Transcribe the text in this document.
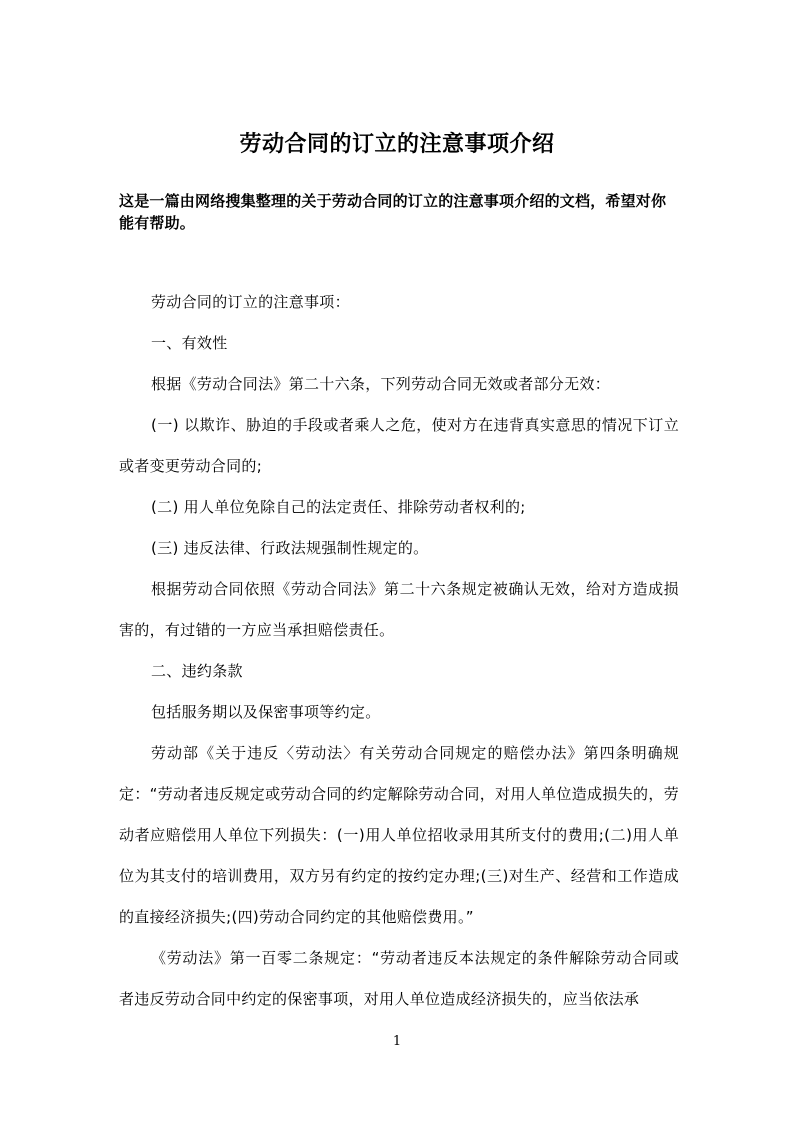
劳动合同的订立的注意事项介绍
这是一篇由网络搜集整理的关于劳动合同的订立的注意事项介绍的文档，希望对你能有帮助。

劳动合同的订立的注意事项：

一、有效性

根据《劳动合同法》第二十六条，下列劳动合同无效或者部分无效：

(一) 以欺诈、胁迫的手段或者乘人之危，使对方在违背真实意思的情况下订立或者变更劳动合同的;

(二) 用人单位免除自己的法定责任、排除劳动者权利的;

(三) 违反法律、行政法规强制性规定的。

根据劳动合同依照《劳动合同法》第二十六条规定被确认无效，给对方造成损害的，有过错的一方应当承担赔偿责任。

二、违约条款

包括服务期以及保密事项等约定。

劳动部《关于违反〈劳动法〉有关劳动合同规定的赔偿办法》第四条明确规定：“劳动者违反规定或劳动合同的约定解除劳动合同，对用人单位造成损失的，劳动者应赔偿用人单位下列损失：(一)用人单位招收录用其所支付的费用;(二)用人单位为其支付的培训费用，双方另有约定的按约定办理;(三)对生产、经营和工作造成的直接经济损失;(四)劳动合同约定的其他赔偿费用。”

《劳动法》第一百零二条规定：“劳动者违反本法规定的条件解除劳动合同或者违反劳动合同中约定的保密事项，对用人单位造成经济损失的，应当依法承

1
